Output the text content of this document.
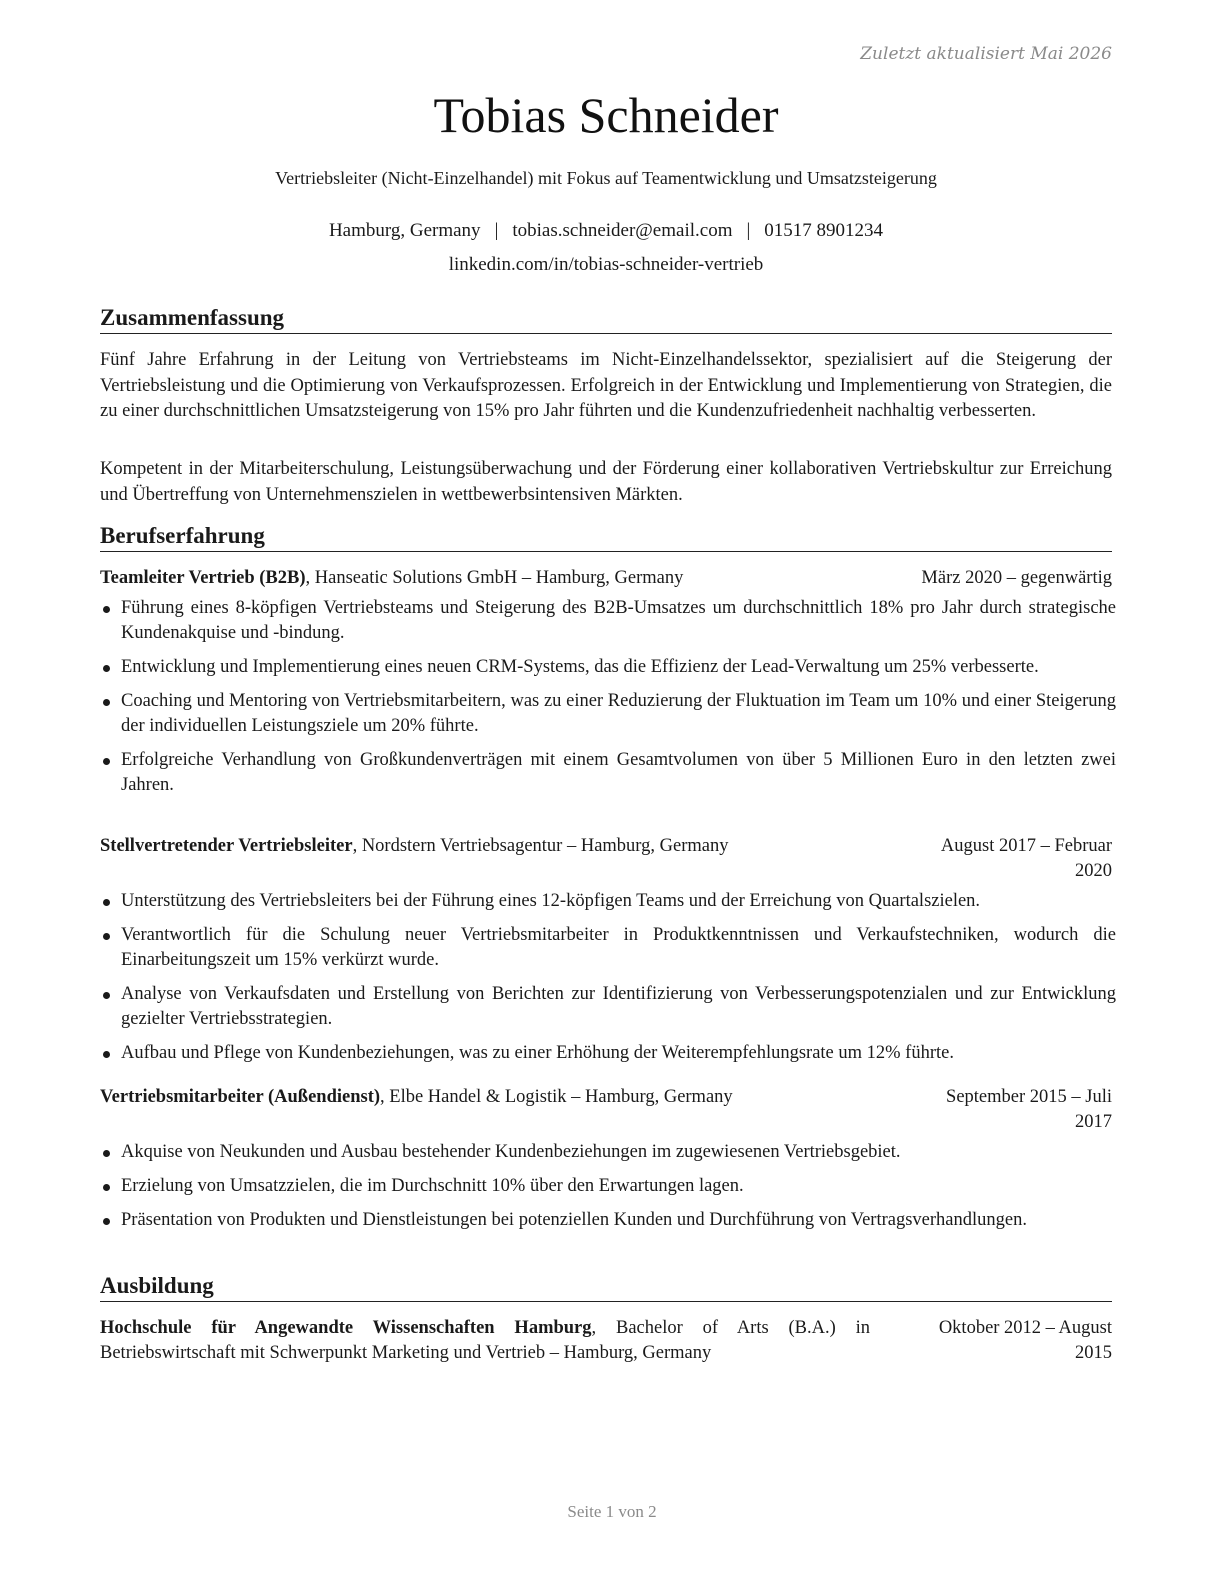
Zuletzt aktualisiert Mai 2026
Tobias Schneider
Vertriebsleiter (Nicht-Einzelhandel) mit Fokus auf Teamentwicklung und Umsatzsteigerung
Hamburg, Germany | tobias.schneider@email.com | 01517 8901234
linkedin.com/in/tobias-schneider-vertrieb
Zusammenfassung
Fünf Jahre Erfahrung in der Leitung von Vertriebsteams im Nicht-Einzelhandelssektor, spezialisiert auf die Steigerung der Vertriebsleistung und die Optimierung von Verkaufsprozessen. Erfolgreich in der Entwicklung und Implementierung von Strategien, die zu einer durchschnittlichen Umsatzsteigerung von 15% pro Jahr führten und die Kundenzufriedenheit nachhaltig verbesserten.
Kompetent in der Mitarbeiterschulung, Leistungsüberwachung und der Förderung einer kollaborativen Vertriebskultur zur Erreichung und Übertreffung von Unternehmenszielen in wettbewerbsintensiven Märkten.
Berufserfahrung
Teamleiter Vertrieb (B2B), Hanseatic Solutions GmbH – Hamburg, Germany	März 2020 – gegenwärtig
Führung eines 8-köpfigen Vertriebsteams und Steigerung des B2B-Umsatzes um durchschnittlich 18% pro Jahr durch strategische Kundenakquise und -bindung.
Entwicklung und Implementierung eines neuen CRM-Systems, das die Effizienz der Lead-Verwaltung um 25% verbesserte.
Coaching und Mentoring von Vertriebsmitarbeitern, was zu einer Reduzierung der Fluktuation im Team um 10% und einer Steigerung der individuellen Leistungsziele um 20% führte.
Erfolgreiche Verhandlung von Großkundenverträgen mit einem Gesamtvolumen von über 5 Millionen Euro in den letzten zwei Jahren.
Stellvertretender Vertriebsleiter, Nordstern Vertriebsagentur – Hamburg, Germany	August 2017 – Februar
2020
Unterstützung des Vertriebsleiters bei der Führung eines 12-köpfigen Teams und der Erreichung von Quartalszielen.
Verantwortlich für die Schulung neuer Vertriebsmitarbeiter in Produktkenntnissen und Verkaufstechniken, wodurch die Einarbeitungszeit um 15% verkürzt wurde.
Analyse von Verkaufsdaten und Erstellung von Berichten zur Identifizierung von Verbesserungspotenzialen und zur Entwicklung gezielter Vertriebsstrategien.
Aufbau und Pflege von Kundenbeziehungen, was zu einer Erhöhung der Weiterempfehlungsrate um 12% führte.
Vertriebsmitarbeiter (Außendienst), Elbe Handel & Logistik – Hamburg, Germany	September 2015 – Juli
2017
Akquise von Neukunden und Ausbau bestehender Kundenbeziehungen im zugewiesenen Vertriebsgebiet.
Erzielung von Umsatzzielen, die im Durchschnitt 10% über den Erwartungen lagen.
Präsentation von Produkten und Dienstleistungen bei potenziellen Kunden und Durchführung von Vertragsverhandlungen.
Ausbildung
Hochschule für Angewandte Wissenschaften Hamburg, Bachelor of Arts (B.A.) in Betriebswirtschaft mit Schwerpunkt Marketing und Vertrieb – Hamburg, Germany
Oktober 2012 – August
2015
Seite 1 von 2
